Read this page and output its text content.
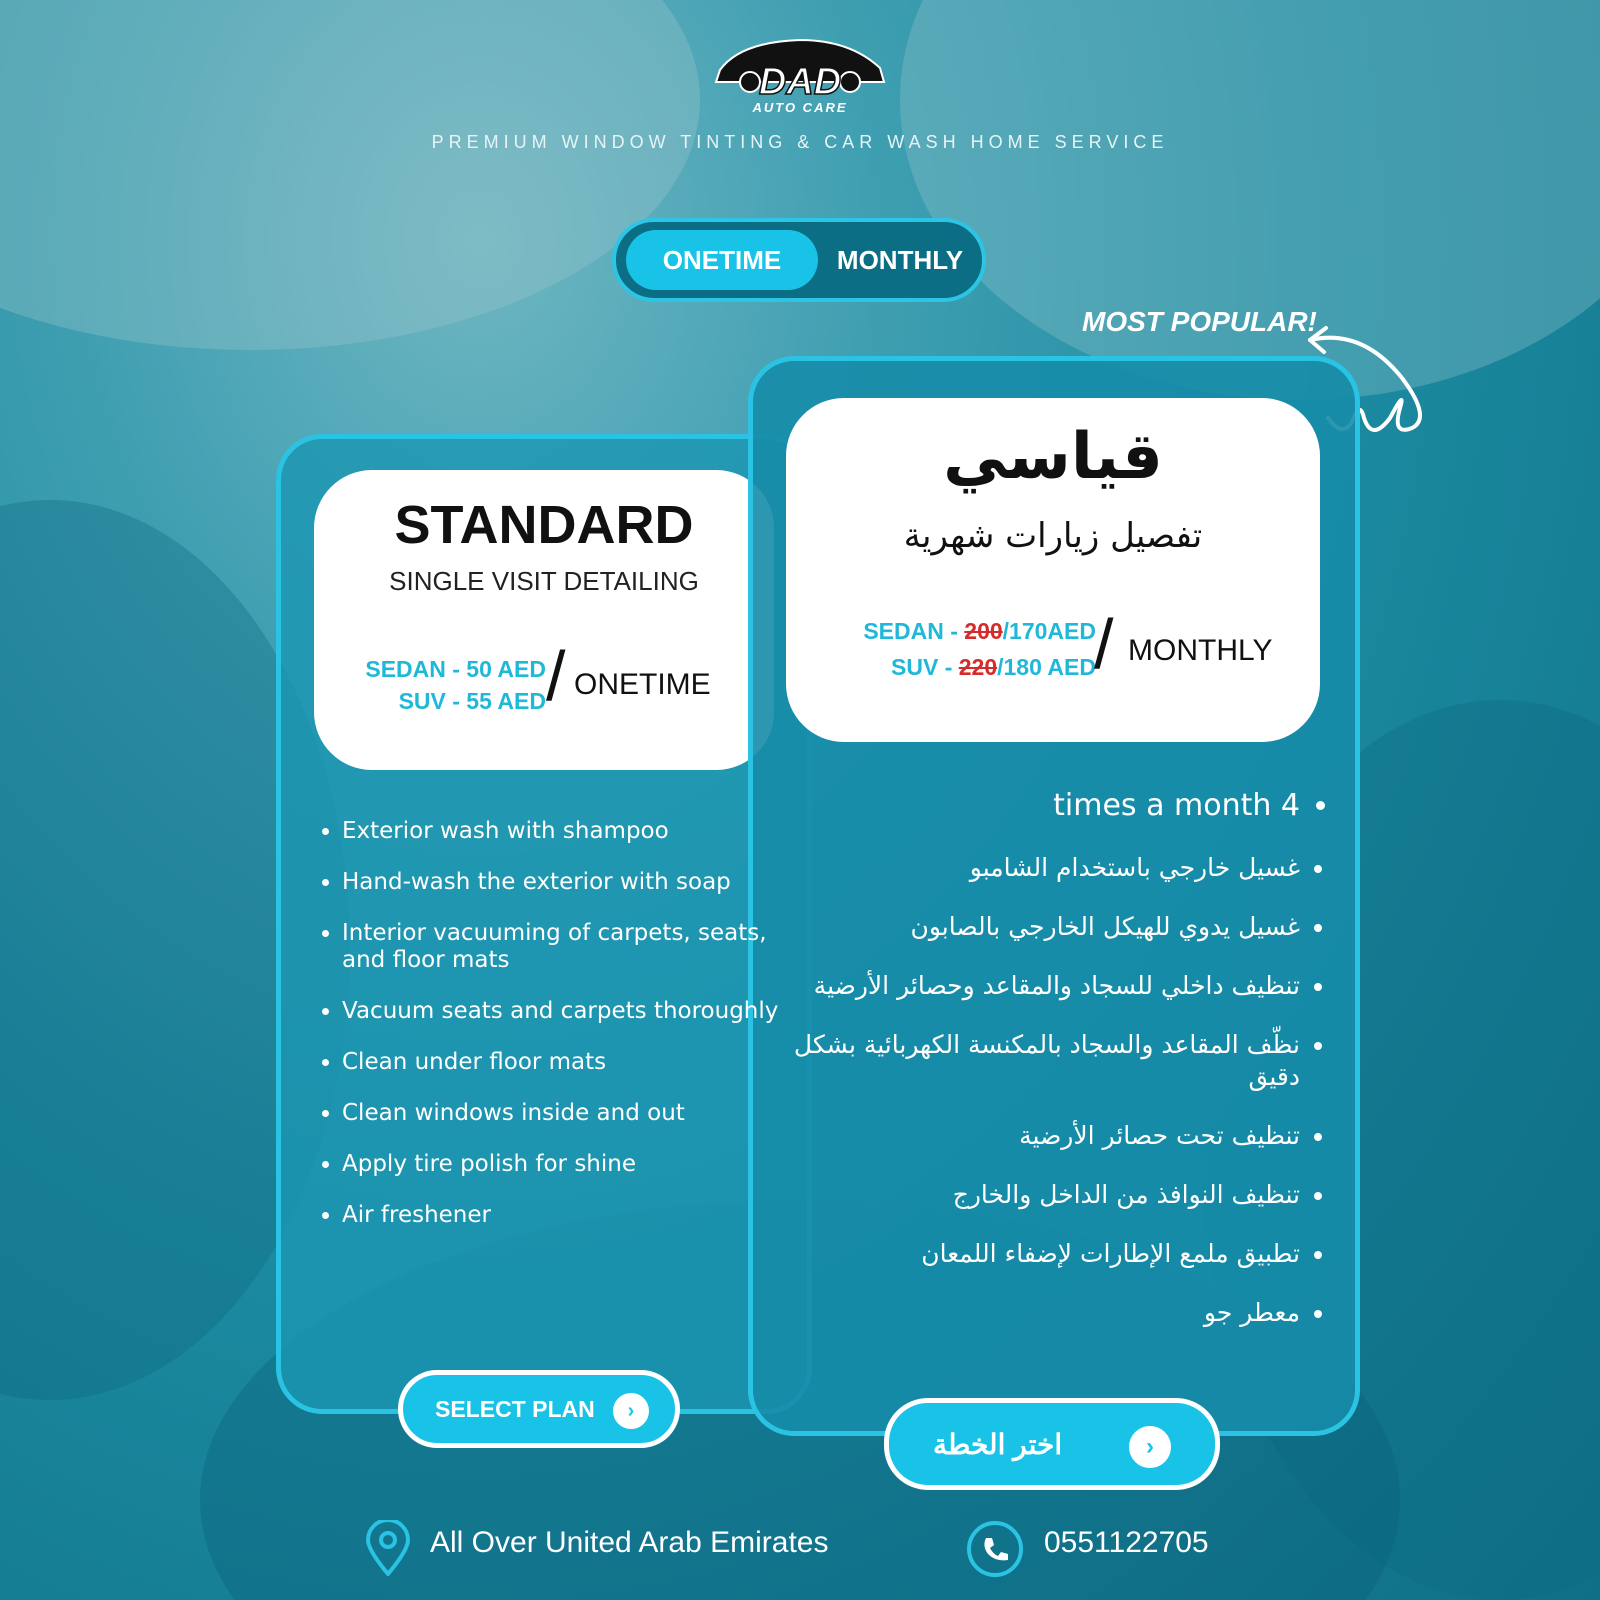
DAD
AUTO CARE
PREMIUM WINDOW TINTING & CAR WASH HOME SERVICE
ONETIME	MONTHLY
MOST POPULAR!
STANDARD
SINGLE VISIT DETAILING
SEDAN - 50 AED
SUV - 55 AED / ONETIME
قياسي
تفصيل زيارات شهرية
SEDAN - 200/170AED
SUV - 220/180 AED
/ MONTHLY
• Exterior wash with shampoo
• Hand-wash the exterior with soap
• Interior vacuuming of carpets, seats, and floor mats
• Vacuum seats and carpets thoroughly
• Clean under floor mats
• Clean windows inside and out
• Apply tire polish for shine
• Air freshener
• 4 times a month
• غسيل خارجي باستخدام الشامبو
• غسيل يدوي للهيكل الخارجي بالصابون
• تنظيف داخلي للسجاد والمقاعد وحصائر الأرضية
• نظّف المقاعد والسجاد بالمكنسة الكهربائية بشكل دقيق
• تنظيف تحت حصائر الأرضية
• تنظيف النوافذ من الداخل والخارج
• تطبيق ملمع الإطارات لإضفاء اللمعان
• معطر جو
SELECT PLAN	›
اختر الخطة	›
All Over United Arab Emirates	0551122705
